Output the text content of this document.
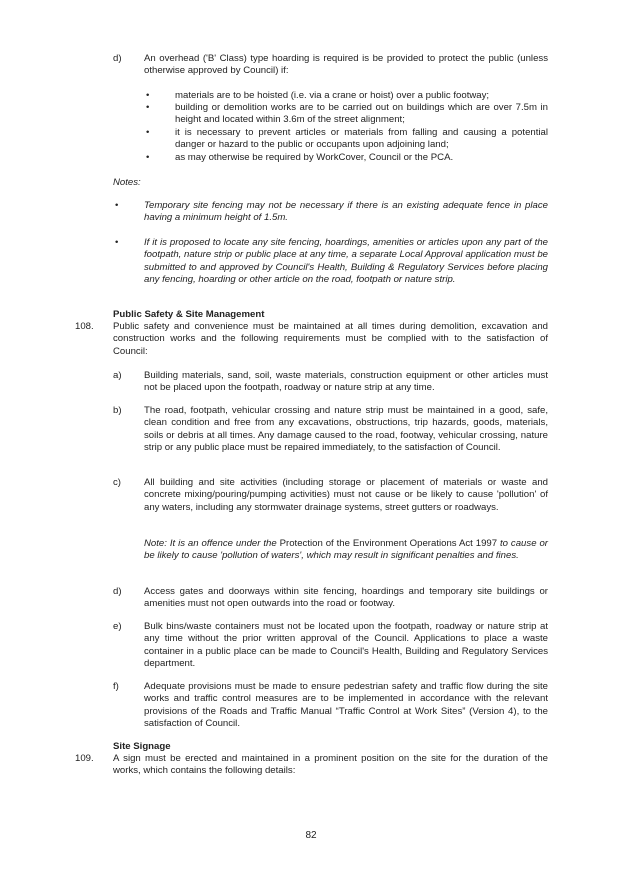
d) An overhead ('B' Class) type hoarding is required is be provided to protect the public (unless otherwise approved by Council) if:

•	materials are to be hoisted (i.e. via a crane or hoist) over a public footway;

•	building or demolition works are to be carried out on buildings which are over 7.5m in height and located within 3.6m of the street alignment;

•	it is necessary to prevent articles or materials from falling and causing a potential danger or hazard to the public or occupants upon adjoining land;

•	as may otherwise be required by WorkCover, Council or the PCA.

Notes:

•	Temporary site fencing may not be necessary if there is an existing adequate fence in place having a minimum height of 1.5m.

•	If it is proposed to locate any site fencing, hoardings, amenities or articles upon any part of the footpath, nature strip or public place at any time, a separate Local Approval application must be submitted to and approved by Council's Health, Building & Regulatory Services before placing any fencing, hoarding or other article on the road, footpath or nature strip.

Public Safety & Site Management

108. Public safety and convenience must be maintained at all times during demolition, excavation and construction works and the following requirements must be complied with to the satisfaction of Council:

a) Building materials, sand, soil, waste materials, construction equipment or other articles must not be placed upon the footpath, roadway or nature strip at any time.

b) The road, footpath, vehicular crossing and nature strip must be maintained in a good, safe, clean condition and free from any excavations, obstructions, trip hazards, goods, materials, soils or debris at all times. Any damage caused to the road, footway, vehicular crossing, nature strip or any public place must be repaired immediately, to the satisfaction of Council.

c) All building and site activities (including storage or placement of materials or waste and concrete mixing/pouring/pumping activities) must not cause or be likely to cause 'pollution' of any waters, including any stormwater drainage systems, street gutters or roadways.

Note: It is an offence under the Protection of the Environment Operations Act 1997 to cause or be likely to cause 'pollution of waters', which may result in significant penalties and fines.

d) Access gates and doorways within site fencing, hoardings and temporary site buildings or amenities must not open outwards into the road or footway.

e) Bulk bins/waste containers must not be located upon the footpath, roadway or nature strip at any time without the prior written approval of the Council. Applications to place a waste container in a public place can be made to Council's Health, Building and Regulatory Services department.

f)	Adequate provisions must be made to ensure pedestrian safety and traffic flow during the site works and traffic control measures are to be implemented in accordance with the relevant provisions of the Roads and Traffic Manual “Traffic Control at Work Sites” (Version 4), to the satisfaction of Council.

Site Signage

109. A sign must be erected and maintained in a prominent position on the site for the duration of the works, which contains the following details:

82
